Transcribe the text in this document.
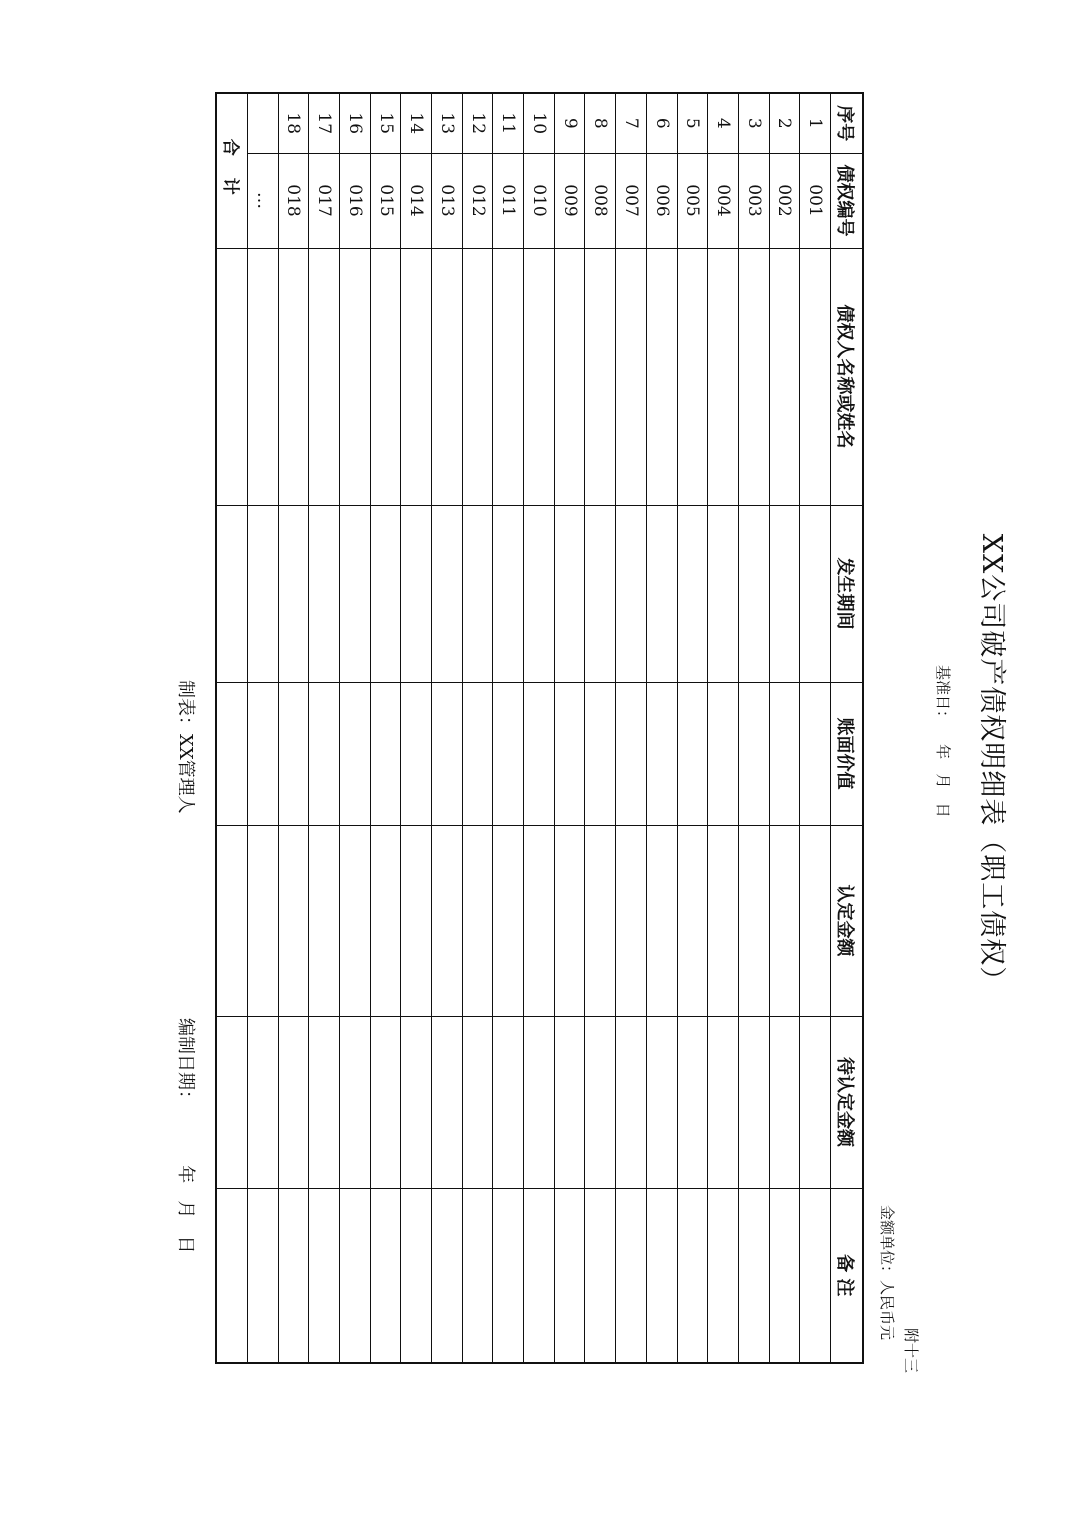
XX公司破产债权明细表（职工债权）
基准日：    年   月   日
附十三
金额单位：人民币元
序号	债权编号	债权人名称或姓名	发生期间	账面价值	认定金额	待认定金额	备 注
1	001						
2	002						
3	003						
4	004						
5	005						
6	006						
7	007						
8	008						
9	009						
10	010						
11	011						
12	012						
13	013						
14	014						
15	015						
16	016						
17	017						
18	018						
	…						
合 计							
制表：XX管理人
编制日期：          年   月   日
